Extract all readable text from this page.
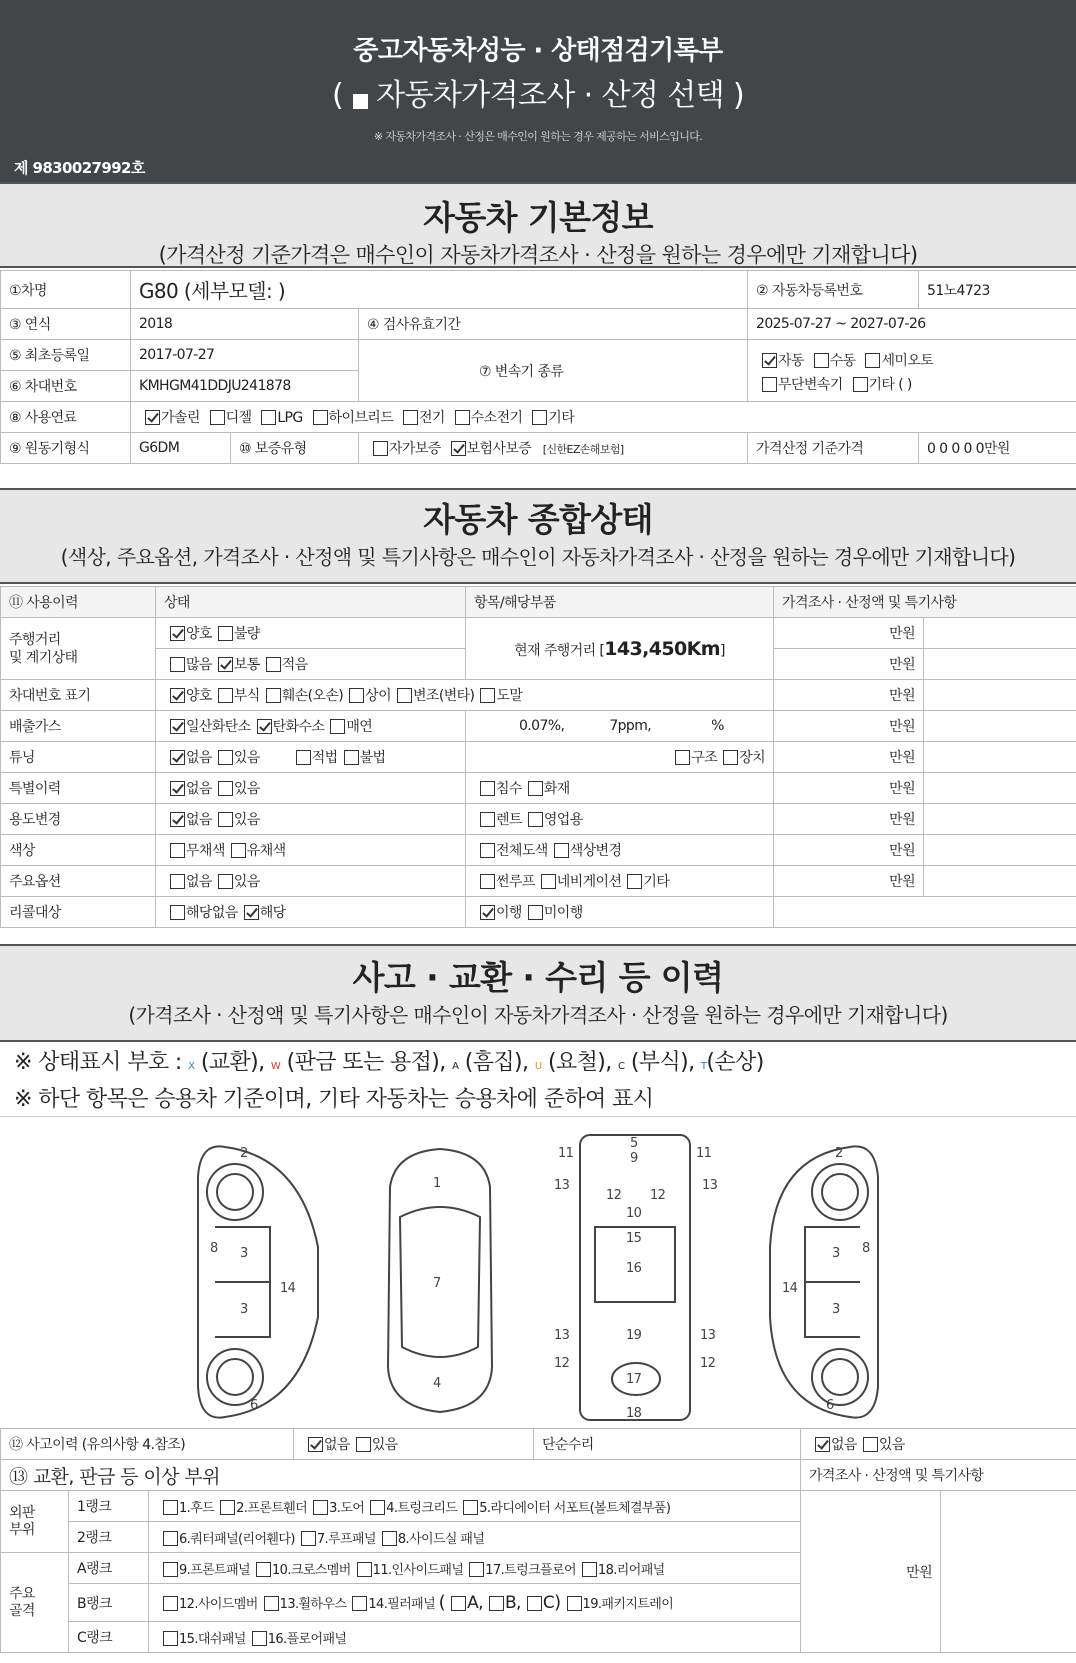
중고자동차성능 · 상태점검기록부
( 자동차가격조사 · 산정 선택 )
※ 자동차가격조사 · 산정은 매수인이 원하는 경우 제공하는 서비스입니다.
제 9830027992호
자동차 기본정보
(가격산정 기준가격은 매수인이 자동차가격조사 · 산정을 원하는 경우에만 기재합니다)
①차명	G80 (세부모델: )			② 자동차등록번호	51노4723
③ 연식	2018		④ 검사유효기간	2025-07-27 ~ 2027-07-26	
⑤ 최초등록일	2017-07-27		⑦ 변속기 종류	자동 수동 세미오토
무단변속기 기타 ( )	
⑥ 차대번호	KMHGM41DDJU241878				
⑧ 사용연료	가솔린 디젤 LPG 하이브리드 전기 수소전기 기타				
⑨ 원동기형식	G6DM	⑩ 보증유형	자가보증 보험사보증 [신한EZ손해보험]	가격산정 기준가격	0 0 0 0 0만원
자동차 종합상태
(색상, 주요옵션, 가격조사 · 산정액 및 특기사항은 매수인이 자동차가격조사 · 산정을 원하는 경우에만 기재합니다)
⑪ 사용이력	상태	항목/해당부품	가격조사 · 산정액 및 특기사항	
주행거리
및 계기상태	양호 불량	현재 주행거리 [143,450Km]	만원	
	많음 보통 적음		만원	
차대번호 표기	양호 부식 훼손(오손) 상이 변조(변타) 도말		만원	
배출가스	일산화탄소 탄화수소 매연	0.07%, 7ppm, %	만원	
튜닝	없음 있음 적법 불법	구조 장치	만원	
특별이력	없음 있음	침수 화재	만원	
용도변경	없음 있음	렌트 영업용	만원	
색상	무채색 유채색	전체도색 색상변경	만원	
주요옵션	없음 있음	썬루프 네비게이션 기타	만원	
리콜대상	해당없음 해당	이행 미이행		
사고 · 교환 · 수리 등 이력
(가격조사 · 산정액 및 특기사항은 매수인이 자동차가격조사 · 산정을 원하는 경우에만 기재합니다)
※ 상태표시 부호 : X (교환), W (판금 또는 용접), A (흠집), U (요철), C (부식), T(손상)
※ 하단 항목은 승용차 기준이며, 기타 자동차는 승용차에 준하여 표시
2
8 3
3
14
6
1
7
4
5
9
11	11
13	13
12 12
10
15
16
13	13
19
12	12
17
18
2
8
3
3
14
6
⑫ 사고이력 (유의사항 4.참조)			없음 있음	단순수리	없음 있음	
⑬ 교환, 판금 등 이상 부위					가격조사 · 산정액 및 특기사항	
외판
부위	1랭크	1.후드 2.프론트휀더 3.도어 4.트렁크리드 5.라디에이터 서포트(볼트체결부품)			만원	
	2랭크	6.쿼터패널(리어휀다) 7.루프패널 8.사이드실 패널				
주요
골격	A랭크	9.프론트패널 10.크로스멤버 11.인사이드패널 17.트렁크플로어 18.리어패널				
	B랭크	12.사이드멤버 13.휠하우스 14.필러패널 ( A, B, C) 19.패키지트레이				
	C랭크	15.대쉬패널 16.플로어패널				
